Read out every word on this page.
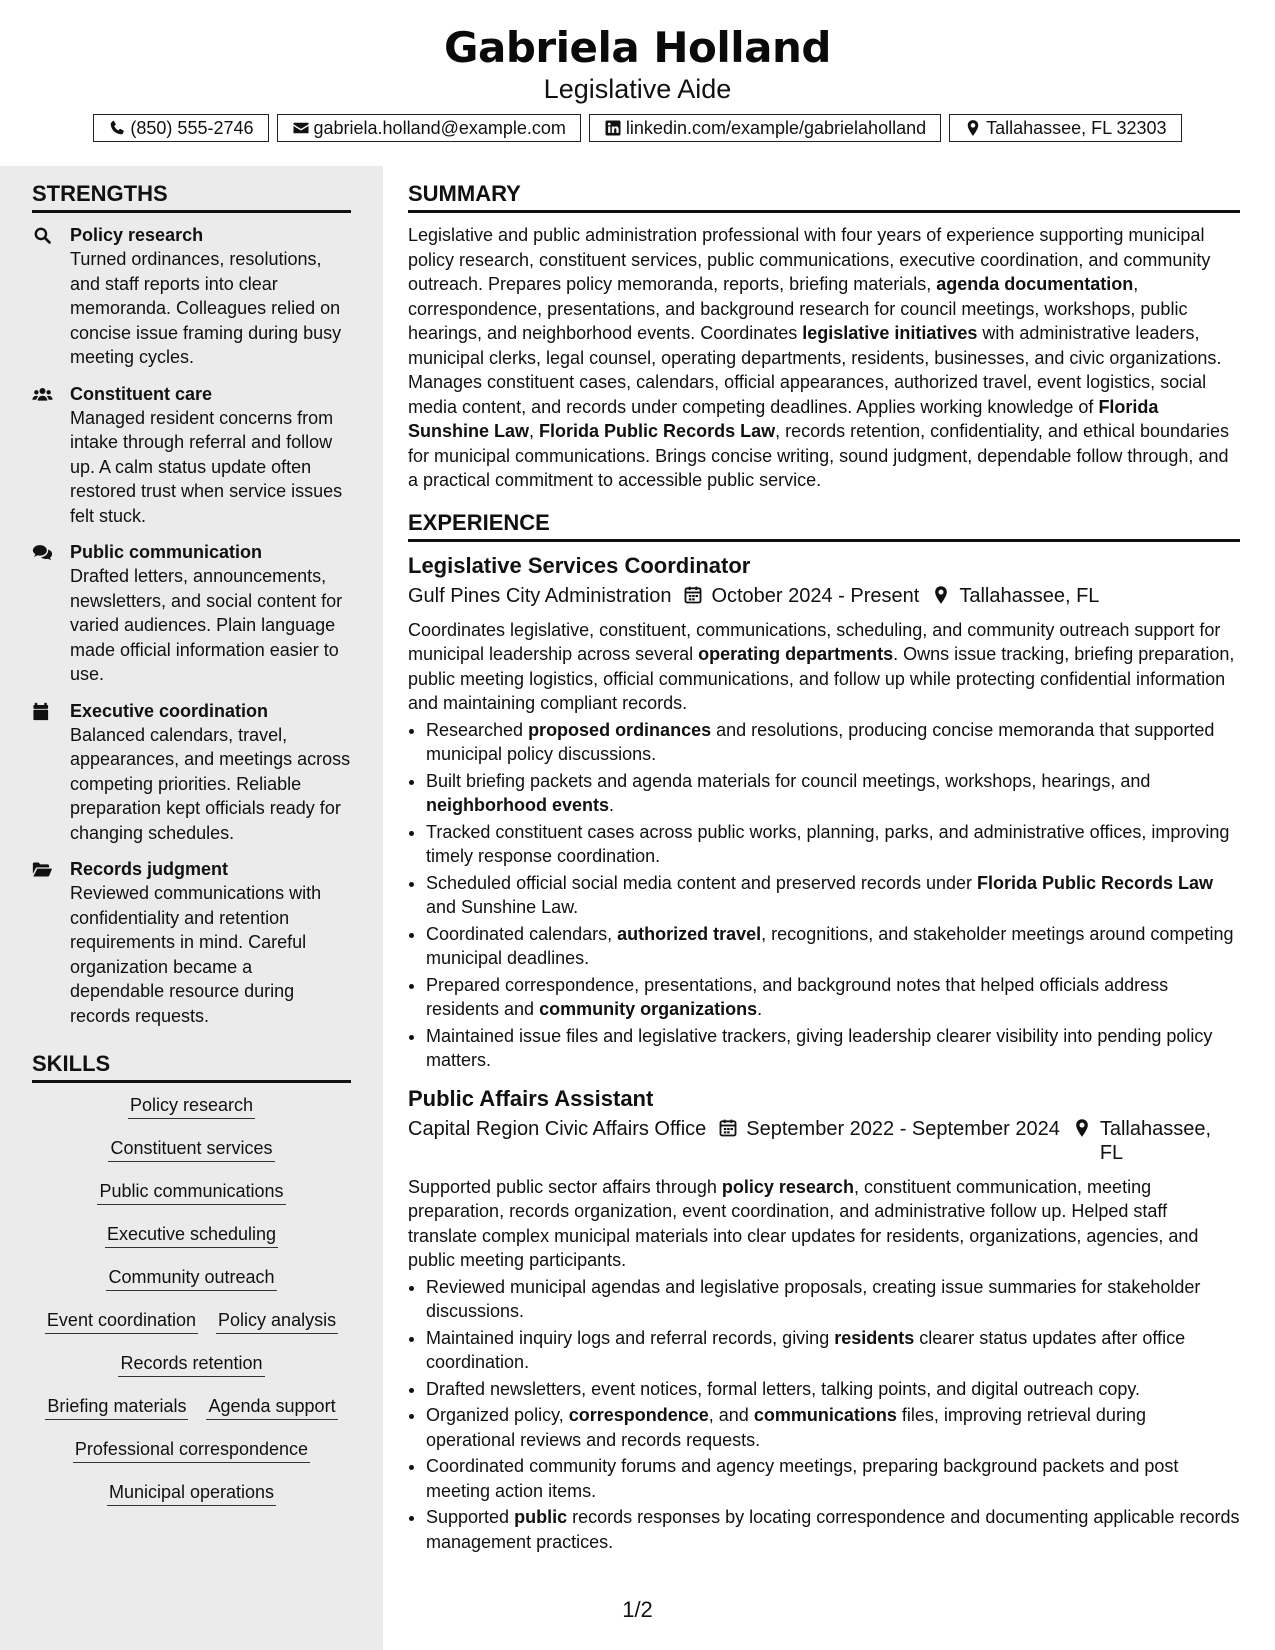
Gabriela Holland
Legislative Aide
(850) 555-2746	gabriela.holland@example.com	linkedin.com/example/gabrielaholland	Tallahassee, FL 32303
STRENGTHS
Policy research
Turned ordinances, resolutions, and staff reports into clear memoranda. Colleagues relied on concise issue framing during busy meeting cycles.
Constituent care
Managed resident concerns from intake through referral and follow up. A calm status update often restored trust when service issues felt stuck.
Public communication
Drafted letters, announcements, newsletters, and social content for varied audiences. Plain language made official information easier to use.
Executive coordination
Balanced calendars, travel, appearances, and meetings across competing priorities. Reliable preparation kept officials ready for changing schedules.
Records judgment
Reviewed communications with confidentiality and retention requirements in mind. Careful organization became a dependable resource during records requests.
SKILLS
Policy research
Constituent services
Public communications
Executive scheduling
Community outreach
Event coordination Policy analysis
Records retention
Briefing materials Agenda support
Professional correspondence
Municipal operations
SUMMARY
Legislative and public administration professional with four years of experience supporting municipal policy research, constituent services, public communications, executive coordination, and community outreach. Prepares policy memoranda, reports, briefing materials, agenda documentation, correspondence, presentations, and background research for council meetings, workshops, public hearings, and neighborhood events. Coordinates legislative initiatives with administrative leaders, municipal clerks, legal counsel, operating departments, residents, businesses, and civic organizations. Manages constituent cases, calendars, official appearances, authorized travel, event logistics, social media content, and records under competing deadlines. Applies working knowledge of Florida Sunshine Law, Florida Public Records Law, records retention, confidentiality, and ethical boundaries for municipal communications. Brings concise writing, sound judgment, dependable follow through, and a practical commitment to accessible public service.
EXPERIENCE
Legislative Services Coordinator
Gulf Pines City Administration October 2024 - Present Tallahassee, FL
Coordinates legislative, constituent, communications, scheduling, and community outreach support for municipal leadership across several operating departments. Owns issue tracking, briefing preparation, public meeting logistics, official communications, and follow up while protecting confidential information and maintaining compliant records.
• Researched proposed ordinances and resolutions, producing concise memoranda that supported municipal policy discussions.
• Built briefing packets and agenda materials for council meetings, workshops, hearings, and neighborhood events.
• Tracked constituent cases across public works, planning, parks, and administrative offices, improving timely response coordination.
• Scheduled official social media content and preserved records under Florida Public Records Law and Sunshine Law.
• Coordinated calendars, authorized travel, recognitions, and stakeholder meetings around competing municipal deadlines.
• Prepared correspondence, presentations, and background notes that helped officials address residents and community organizations.
• Maintained issue files and legislative trackers, giving leadership clearer visibility into pending policy matters.
Public Affairs Assistant
Capital Region Civic Affairs Office September 2022 - September 2024 Tallahassee, FL
Supported public sector affairs through policy research, constituent communication, meeting preparation, records organization, event coordination, and administrative follow up. Helped staff translate complex municipal materials into clear updates for residents, organizations, agencies, and public meeting participants.
• Reviewed municipal agendas and legislative proposals, creating issue summaries for stakeholder discussions.
• Maintained inquiry logs and referral records, giving residents clearer status updates after office coordination.
• Drafted newsletters, event notices, formal letters, talking points, and digital outreach copy.
• Organized policy, correspondence, and communications files, improving retrieval during operational reviews and records requests.
• Coordinated community forums and agency meetings, preparing background packets and post meeting action items.
• Supported public records responses by locating correspondence and documenting applicable records management practices.
1/2
